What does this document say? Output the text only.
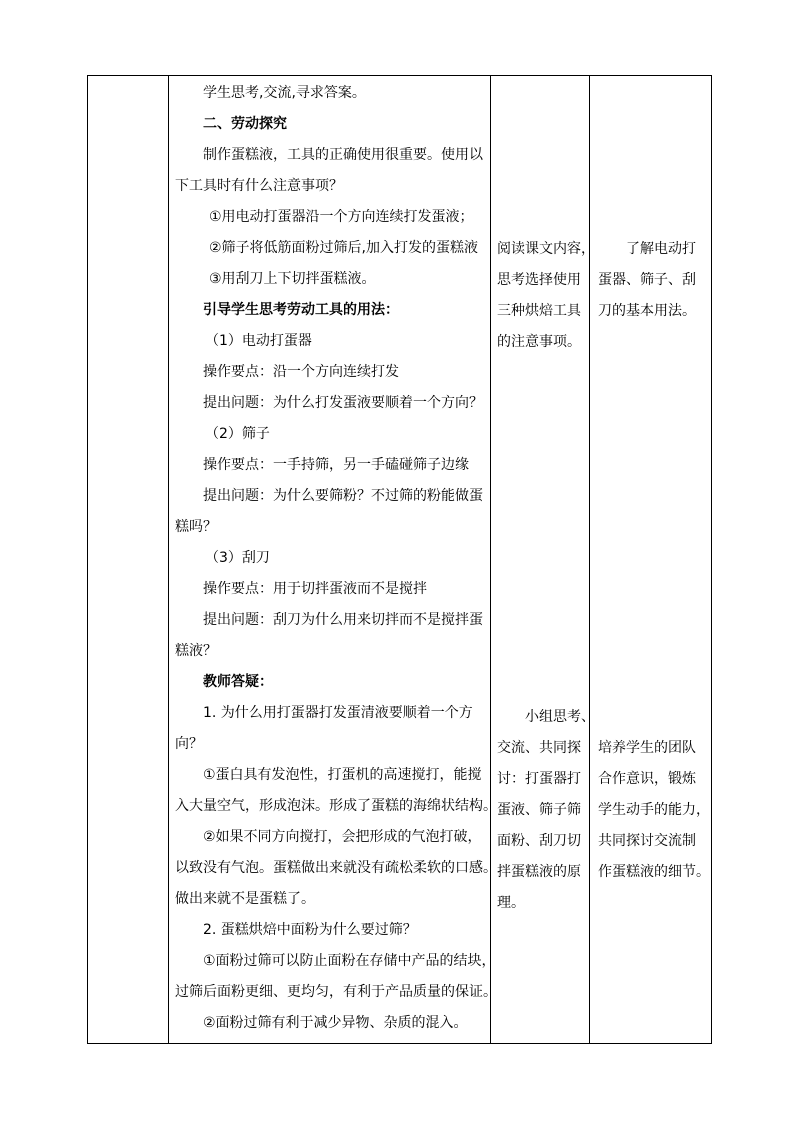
学生思考,交流,寻求答案。
二、劳动探究
制作蛋糕液，工具的正确使用很重要。使用以
下工具时有什么注意事项？
①用电动打蛋器沿一个方向连续打发蛋液；
②筛子将低筋面粉过筛后,加入打发的蛋糕液
③用刮刀上下切拌蛋糕液。
引导学生思考劳动工具的用法：
（1）电动打蛋器
操作要点：沿一个方向连续打发
提出问题：为什么打发蛋液要顺着一个方向？
（2）筛子
操作要点：一手持筛，另一手磕碰筛子边缘
提出问题：为什么要筛粉？不过筛的粉能做蛋
糕吗？
（3）刮刀
操作要点：用于切拌蛋液而不是搅拌
提出问题：刮刀为什么用来切拌而不是搅拌蛋
糕液？
教师答疑：
1. 为什么用打蛋器打发蛋清液要顺着一个方
向？
①蛋白具有发泡性，打蛋机的高速搅打，能搅
入大量空气，形成泡沫。形成了蛋糕的海绵状结构。
②如果不同方向搅打，会把形成的气泡打破，
以致没有气泡。蛋糕做出来就没有疏松柔软的口感。
做出来就不是蛋糕了。
2. 蛋糕烘焙中面粉为什么要过筛？
①面粉过筛可以防止面粉在存储中产品的结块，
过筛后面粉更细、更均匀，有利于产品质量的保证。
②面粉过筛有利于减少异物、杂质的混入。

阅读课文内容，
思考选择使用
三种烘焙工具
的注意事项。
小组思考、
交流、共同探
讨：打蛋器打
蛋液、筛子筛
面粉、刮刀切
拌蛋糕液的原
理。

了解电动打
蛋器、筛子、刮
刀的基本用法。
培养学生的团队
合作意识，锻炼
学生动手的能力，
共同探讨交流制
作蛋糕液的细节。
